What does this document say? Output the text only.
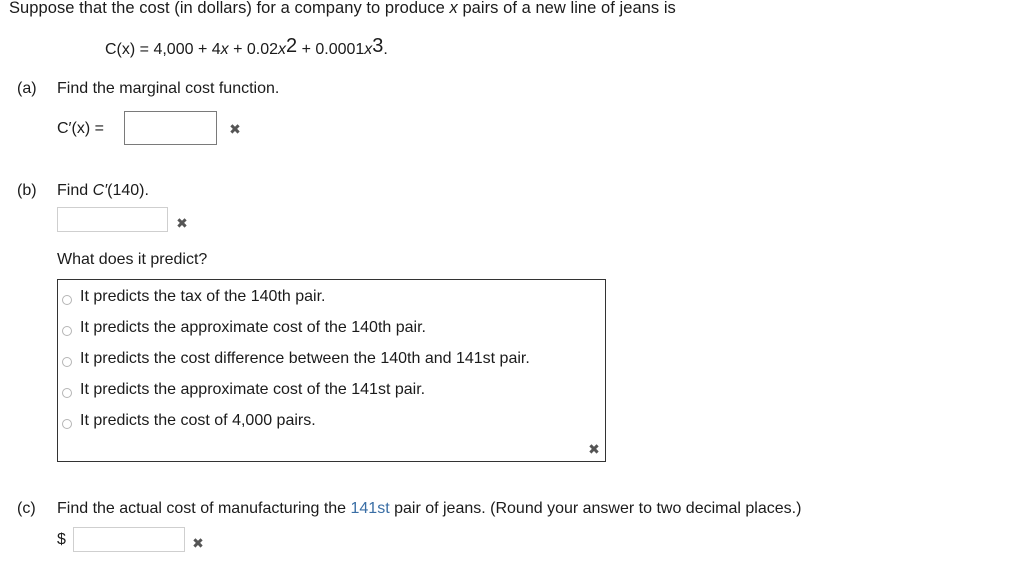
Suppose that the cost (in dollars) for a company to produce x pairs of a new line of jeans is
$C(x) = 4,000 + 4x + 0.02x^2 + 0.0001x^3$.
(a) Find the marginal cost function.
C′(x) =	✖
(b) Find C′(140).
✖
What does it predict?
✖
It predicts the tax of the 140th pair.
It predicts the approximate cost of the 140th pair.
It predicts the cost difference between the 140th and 141st pair.
It predicts the approximate cost of the 141st pair.
It predicts the cost of 4,000 pairs.
(c) Find the actual cost of manufacturing the 141st pair of jeans. (Round your answer to two decimal places.)
$	✖
